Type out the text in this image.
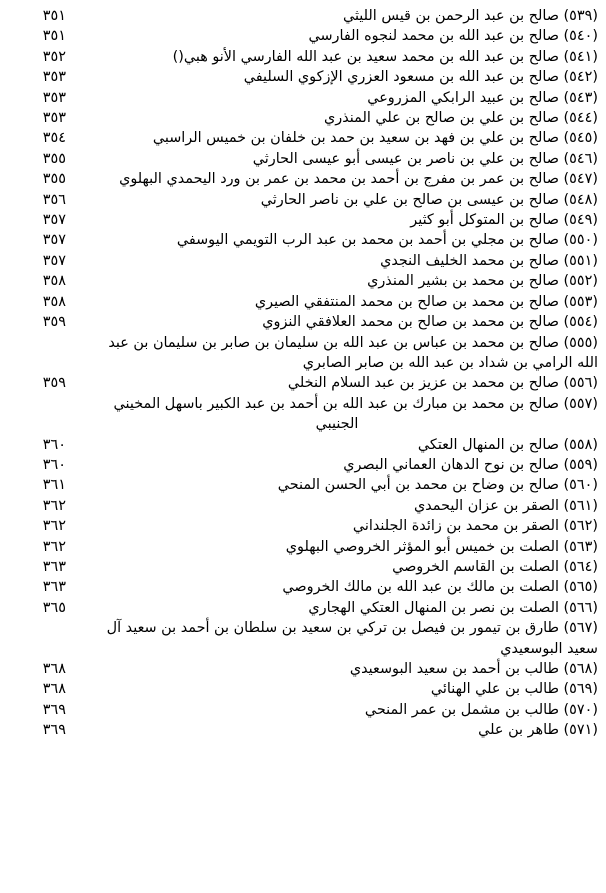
(٥٣٩) صالح بن عبد الرحمن بن قيس الليثي
٣٥١
(٥٤٠) صالح بن عبد الله بن محمد لنجوه الفارسي
٣٥١
(٥٤١) صالح بن عبد الله بن محمد سعيد بن عبد الله الفارسي الأنو هبي()
٣٥٢
(٥٤٢) صالح بن عبد الله بن مسعود العزري الإزكوي السليفي
٣٥٣
(٥٤٣) صالح بن عبيد الرابكي المزروعي
٣٥٣
(٥٤٤) صالح بن علي بن صالح بن علي المنذري
٣٥٣
(٥٤٥) صالح بن علي بن فهد بن سعيد بن حمد بن خلفان بن خميس الراسبي
٣٥٤
(٥٤٦) صالح بن علي بن ناصر بن عيسى أبو عيسى الحارثي
٣٥٥
(٥٤٧) صالح بن عمر بن مفرج بن أحمد بن محمد بن عمر بن ورد اليحمدي البهلوي
٣٥٥
(٥٤٨) صالح بن عيسى بن صالح بن علي بن ناصر الحارثي
٣٥٦
(٥٤٩) صالح بن المتوكل أبو كثير
٣٥٧
(٥٥٠) صالح بن مجلي بن أحمد بن محمد بن عبد الرب التويمي اليوسفي
٣٥٧
(٥٥١) صالح بن محمد الخليف النجدي
٣٥٧
(٥٥٢) صالح بن محمد بن بشير المنذري
٣٥٨
(٥٥٣) صالح بن محمد بن صالح بن محمد المنتفقي الصيري
٣٥٨
(٥٥٤) صالح بن محمد بن صالح بن محمد العلافقي النزوي
٣٥٩
(٥٥٥) صالح بن محمد بن عباس بن عبد الله بن سليمان بن صابر بن سليمان بن عبد
الله الرامي بن شداد بن عبد الله بن صابر الصابري
(٥٥٦) صالح بن محمد بن عزيز بن عبد السلام النخلي
٣٥٩
(٥٥٧) صالح بن محمد بن مبارك بن عبد الله بن أحمد بن عبد الكبير باسهل المخيني
الجنيبي
(٥٥٨) صالح بن المنهال العتكي
٣٦٠
(٥٥٩) صالح بن نوح الدهان العماني البصري
٣٦٠
(٥٦٠) صالح بن وضاح بن محمد بن أبي الحسن المنحي
٣٦١
(٥٦١) الصقر بن عزان اليحمدي
٣٦٢
(٥٦٢) الصقر بن محمد بن زائدة الجلنداني
٣٦٢
(٥٦٣) الصلت بن خميس أبو المؤثر الخروصي البهلوي
٣٦٢
(٥٦٤) الصلت بن القاسم الخروصي
٣٦٣
(٥٦٥) الصلت بن مالك بن عبد الله بن مالك الخروصي
٣٦٣
(٥٦٦) الصلت بن نصر بن المنهال العتكي الهجاري
٣٦٥
(٥٦٧) طارق بن تيمور بن فيصل بن تركي بن سعيد بن سلطان بن أحمد بن سعيد آل
سعيد البوسعيدي
(٥٦٨) طالب بن أحمد بن سعيد البوسعيدي
٣٦٨
(٥٦٩) طالب بن علي الهنائي
٣٦٨
(٥٧٠) طالب بن مشمل بن عمر المنحي
٣٦٩
(٥٧١) طاهر بن علي
٣٦٩
